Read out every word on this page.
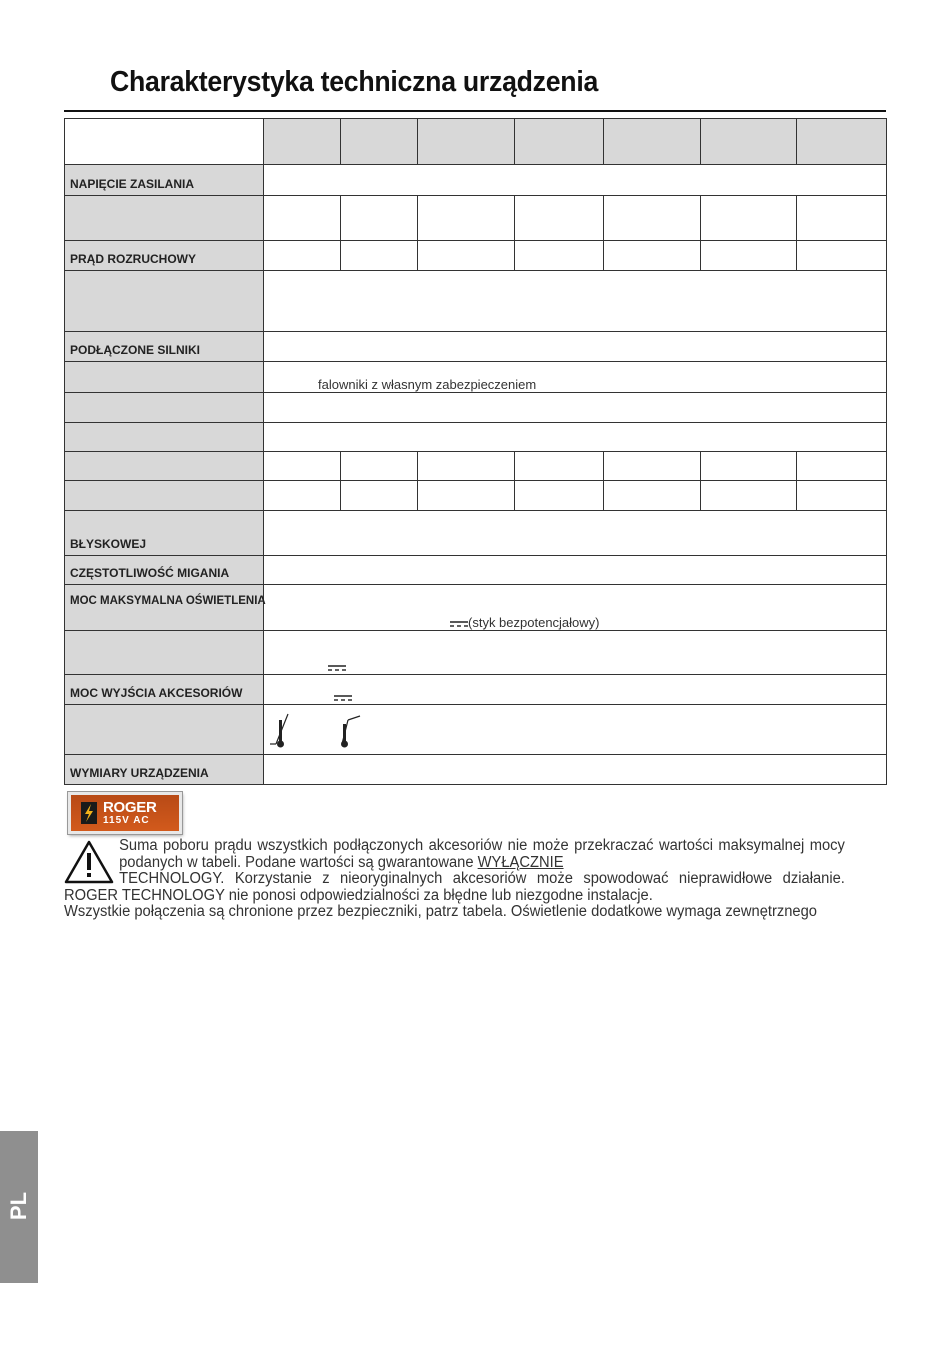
Charakterystyka techniczna urządzenia

NAPIĘCIE ZASILANIA							

PRĄD ROZRUCHOWY							

PODŁĄCZONE SILNIKI							
	falowniki z własnym zabezpieczeniem						

BŁYSKOWEJ							
CZĘSTOTLIWOŚĆ MIGANIA							
MOC MAKSYMALNA OŚWIETLENIA	(styk bezpotencjałowy)						

MOC WYJŚCIA AKCESORIÓW	

WYMIARY URZĄDZENIA							
ROGER
115V AC

Suma poboru prądu wszystkich podłączonych akcesoriów nie może przekraczać wartości maksymalnej mocy podanych w tabeli. Podane wartości są gwarantowane WYŁĄCZNIE
TECHNOLOGY. Korzystanie z nieoryginalnych akcesoriów może spowodować nieprawidłowe działanie. ROGER TECHNOLOGY nie ponosi odpowiedzialności za błędne lub niezgodne instalacje.

Wszystkie połączenia są chronione przez bezpieczniki, patrz tabela. Oświetlenie dodatkowe wymaga zewnętrznego

PL
